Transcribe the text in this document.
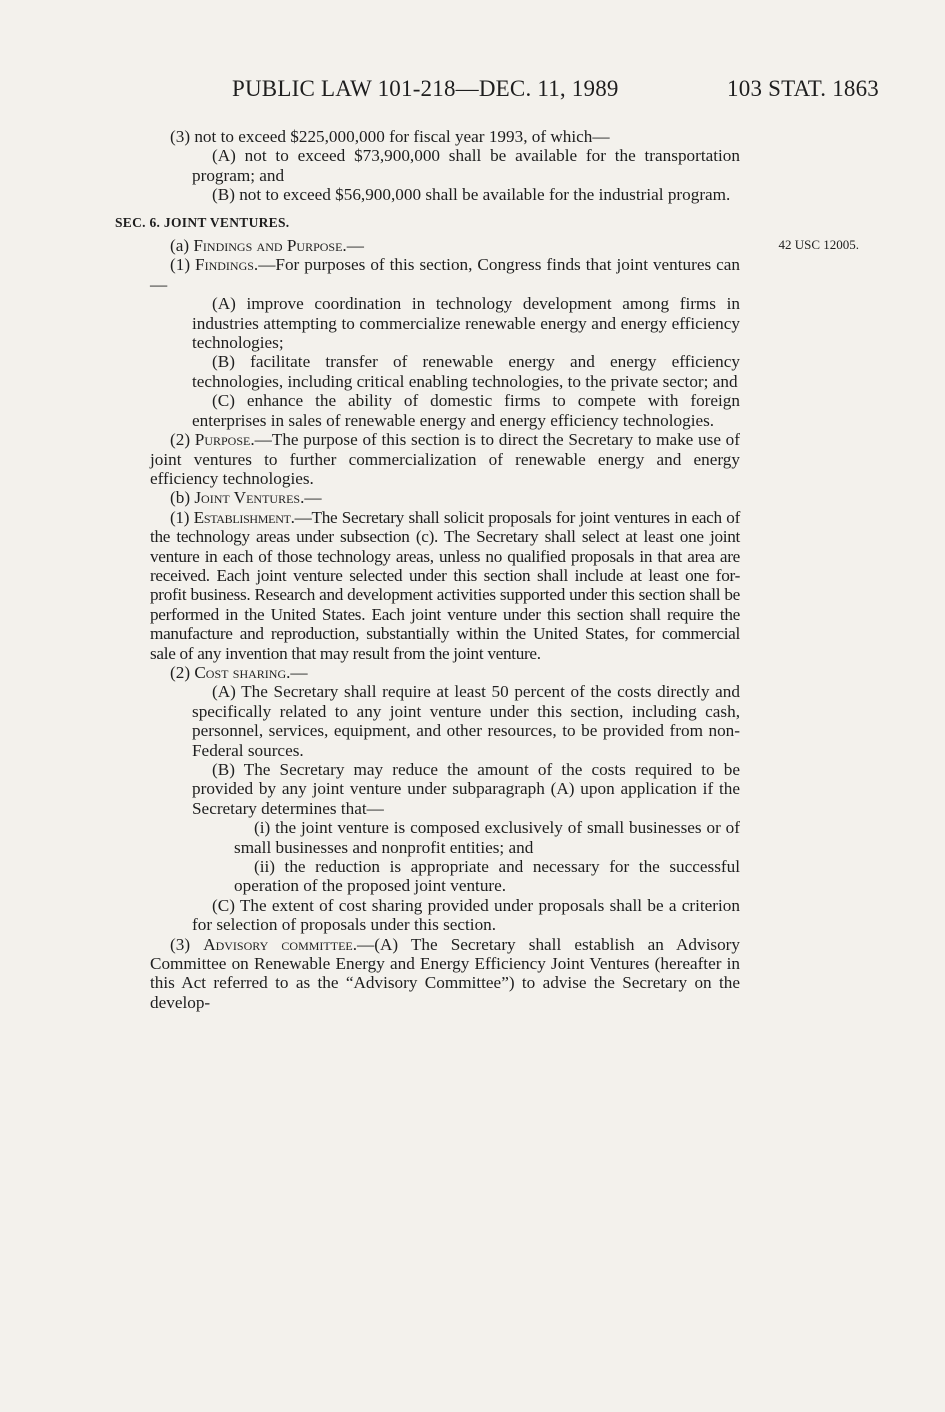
PUBLIC LAW 101-218—DEC. 11, 1989	103 STAT. 1863
42 USC 12005.

(3) not to exceed $225,000,000 for fiscal year 1993, of which—

(A) not to exceed $73,900,000 shall be available for the transportation program; and

(B) not to exceed $56,900,000 shall be available for the industrial program.

SEC. 6. JOINT VENTURES.

(a) Findings and Purpose.—

(1) Findings.—For purposes of this section, Congress finds that joint ventures can—

(A) improve coordination in technology development among firms in industries attempting to commercialize renewable energy and energy efficiency technologies;

(B) facilitate transfer of renewable energy and energy efficiency technologies, including critical enabling technologies, to the private sector; and

(C) enhance the ability of domestic firms to compete with foreign enterprises in sales of renewable energy and energy efficiency technologies.

(2) Purpose.—The purpose of this section is to direct the Secretary to make use of joint ventures to further commercialization of renewable energy and energy efficiency technologies.

(b) Joint Ventures.—

(1) Establishment.—The Secretary shall solicit proposals for joint ventures in each of the technology areas under subsection (c). The Secretary shall select at least one joint venture in each of those technology areas, unless no qualified proposals in that area are received. Each joint venture selected under this section shall include at least one for-profit business. Research and development activities supported under this section shall be performed in the United States. Each joint venture under this section shall require the manufacture and reproduction, substantially within the United States, for commercial sale of any invention that may result from the joint venture.

(2) Cost sharing.—

(A) The Secretary shall require at least 50 percent of the costs directly and specifically related to any joint venture under this section, including cash, personnel, services, equipment, and other resources, to be provided from non-Federal sources.

(B) The Secretary may reduce the amount of the costs required to be provided by any joint venture under subparagraph (A) upon application if the Secretary determines that—

(i) the joint venture is composed exclusively of small businesses or of small businesses and nonprofit entities; and

(ii) the reduction is appropriate and necessary for the successful operation of the proposed joint venture.

(C) The extent of cost sharing provided under proposals shall be a criterion for selection of proposals under this section.

(3) Advisory committee.—(A) The Secretary shall establish an Advisory Committee on Renewable Energy and Energy Efficiency Joint Ventures (hereafter in this Act referred to as the “Advisory Committee”) to advise the Secretary on the develop-
